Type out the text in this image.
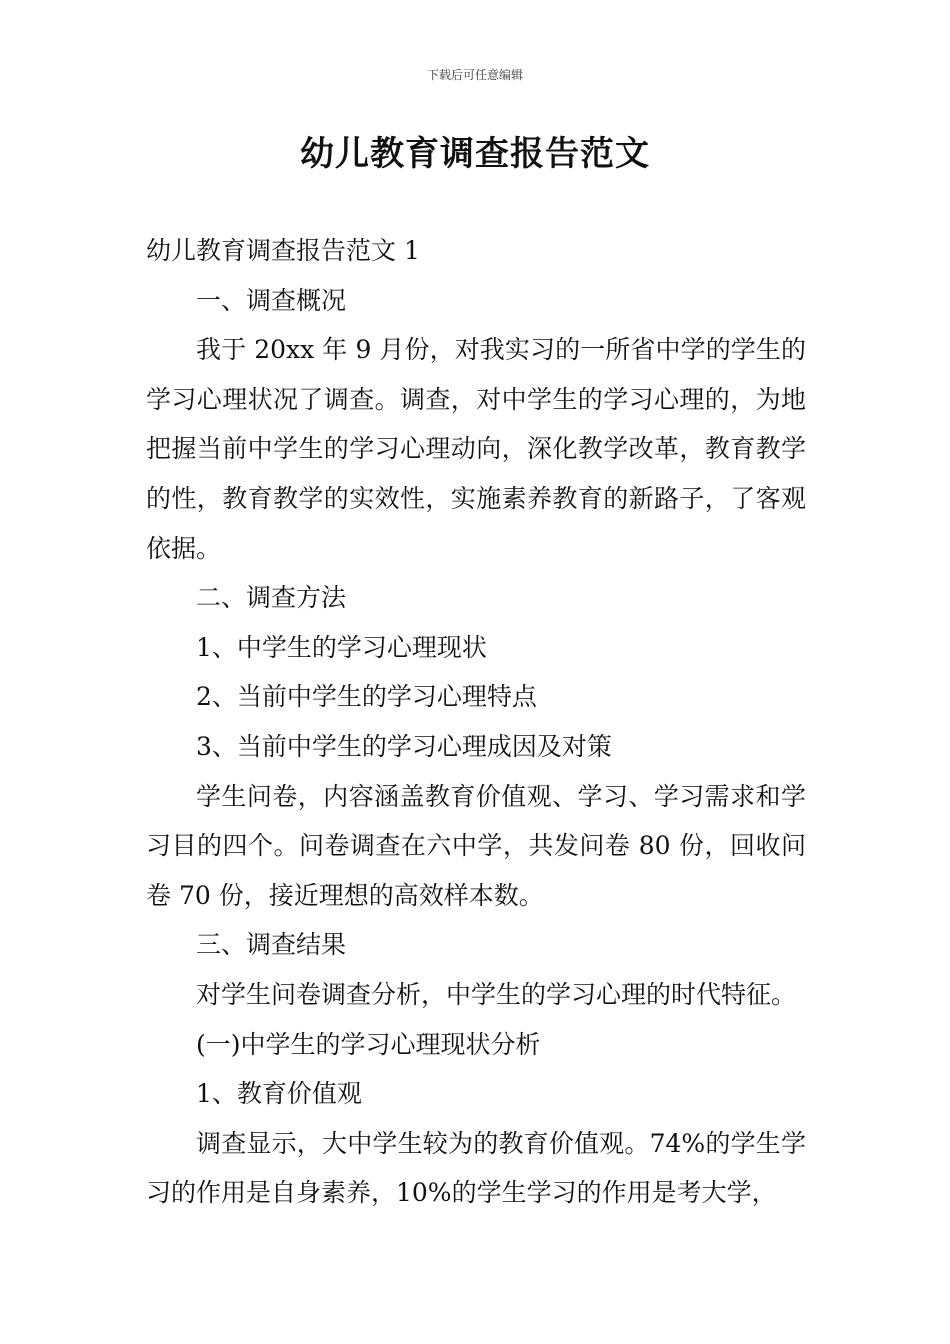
下载后可任意编辑
幼儿教育调查报告范文

幼儿教育调查报告范文 1

一、调查概况

我于 20xx 年 9 月份，对我实习的一所省中学的学生的学习心理状况了调查。调查，对中学生的学习心理的，为地把握当前中学生的学习心理动向，深化教学改革，教育教学的性，教育教学的实效性，实施素养教育的新路子，了客观依据。

二、调查方法

1、中学生的学习心理现状

2、当前中学生的学习心理特点

3、当前中学生的学习心理成因及对策

学生问卷，内容涵盖教育价值观、学习、学习需求和学习目的四个。问卷调查在六中学，共发问卷 80 份，回收问卷 70 份，接近理想的高效样本数。

三、调查结果

对学生问卷调查分析，中学生的学习心理的时代特征。

(一)中学生的学习心理现状分析

1、教育价值观

调查显示，大中学生较为的教育价值观。74%的学生学习的作用是自身素养，10%的学生学习的作用是考大学，
